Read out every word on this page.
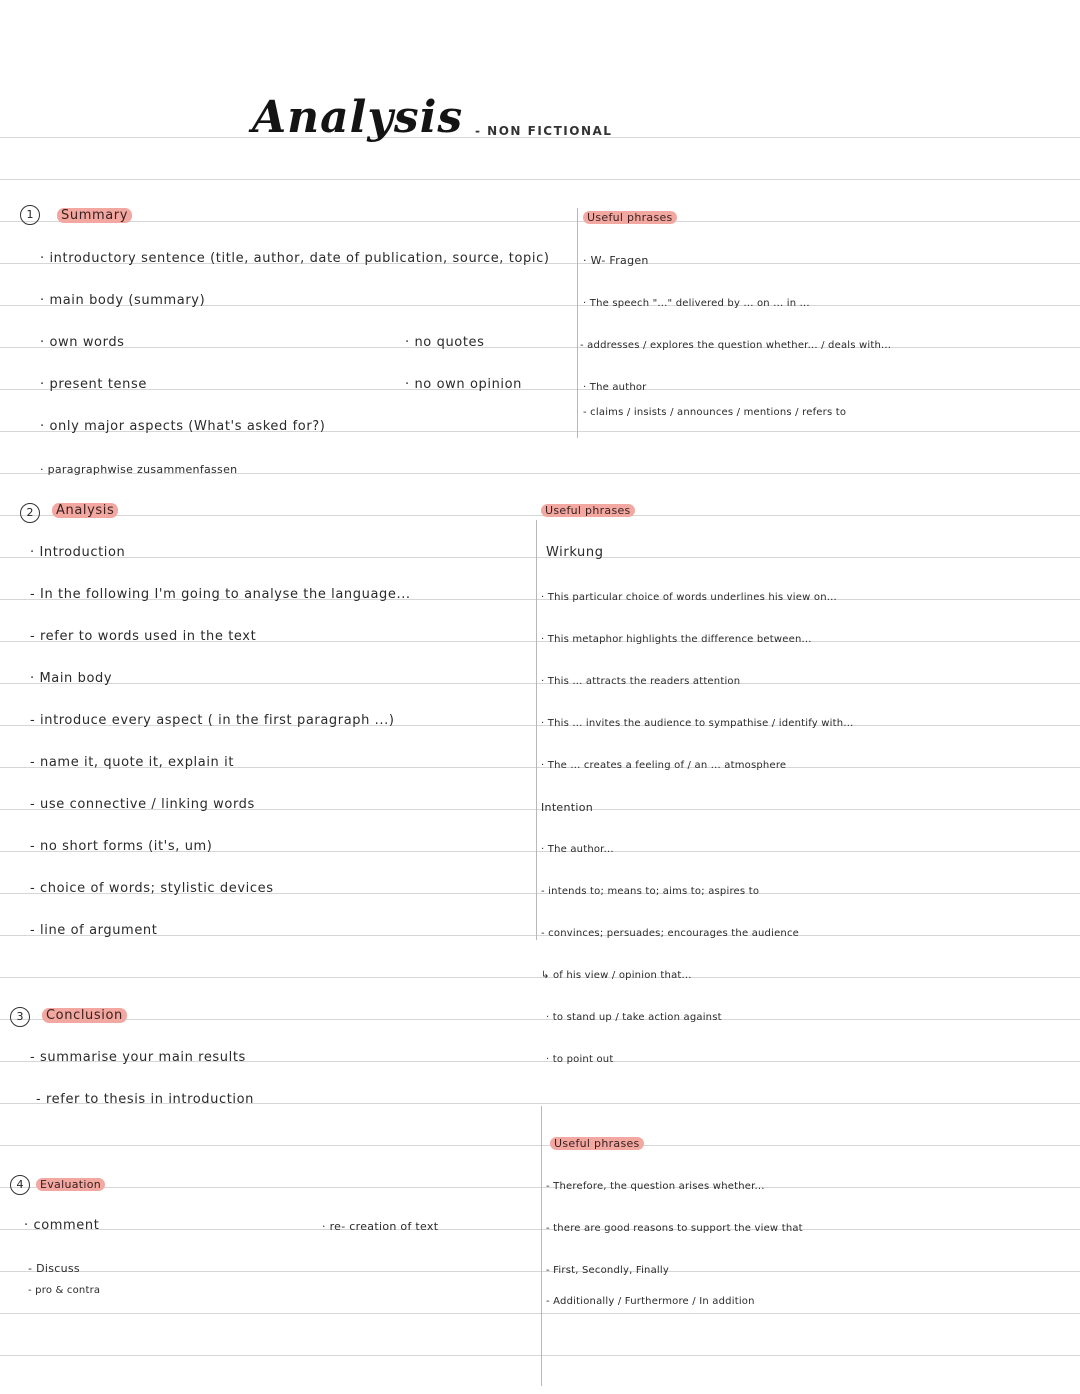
Analysis - NON FICTIONAL
1	Summary
· introductory sentence (title, author, date of publication, source, topic)
· main body (summary)
· own words	· no quotes
· present tense	· no own opinion
· only major aspects (What's asked for?)
· paragraphwise zusammenfassen
Useful phrases
· W- Fragen
· The speech "..." delivered by ... on ... in ...
- addresses / explores the question whether... / deals with...
· The author
- claims / insists / announces / mentions / refers to
2	Analysis
· Introduction
- In the following I'm going to analyse the language...
- refer to words used in the text
· Main body
- introduce every aspect ( in the first paragraph ...)
- name it, quote it, explain it
- use connective / linking words
- no short forms (it's, um)
- choice of words; stylistic devices
- line of argument
Useful phrases
Wirkung
· This particular choice of words underlines his view on...
· This metaphor highlights the difference between...
· This ... attracts the readers attention
· This ... invites the audience to sympathise / identify with...
· The ... creates a feeling of / an ... atmosphere
Intention
· The author...
- intends to; means to; aims to; aspires to
- convinces; persuades; encourages the audience
↳ of his view / opinion that...
· to stand up / take action against
· to point out
3	Conclusion
- summarise your main results
- refer to thesis in introduction
4	Evaluation
· comment	· re- creation of text
- Discuss
- pro & contra
Useful phrases
- Therefore, the question arises whether...
- there are good reasons to support the view that
- First, Secondly, Finally
- Additionally / Furthermore / In addition
